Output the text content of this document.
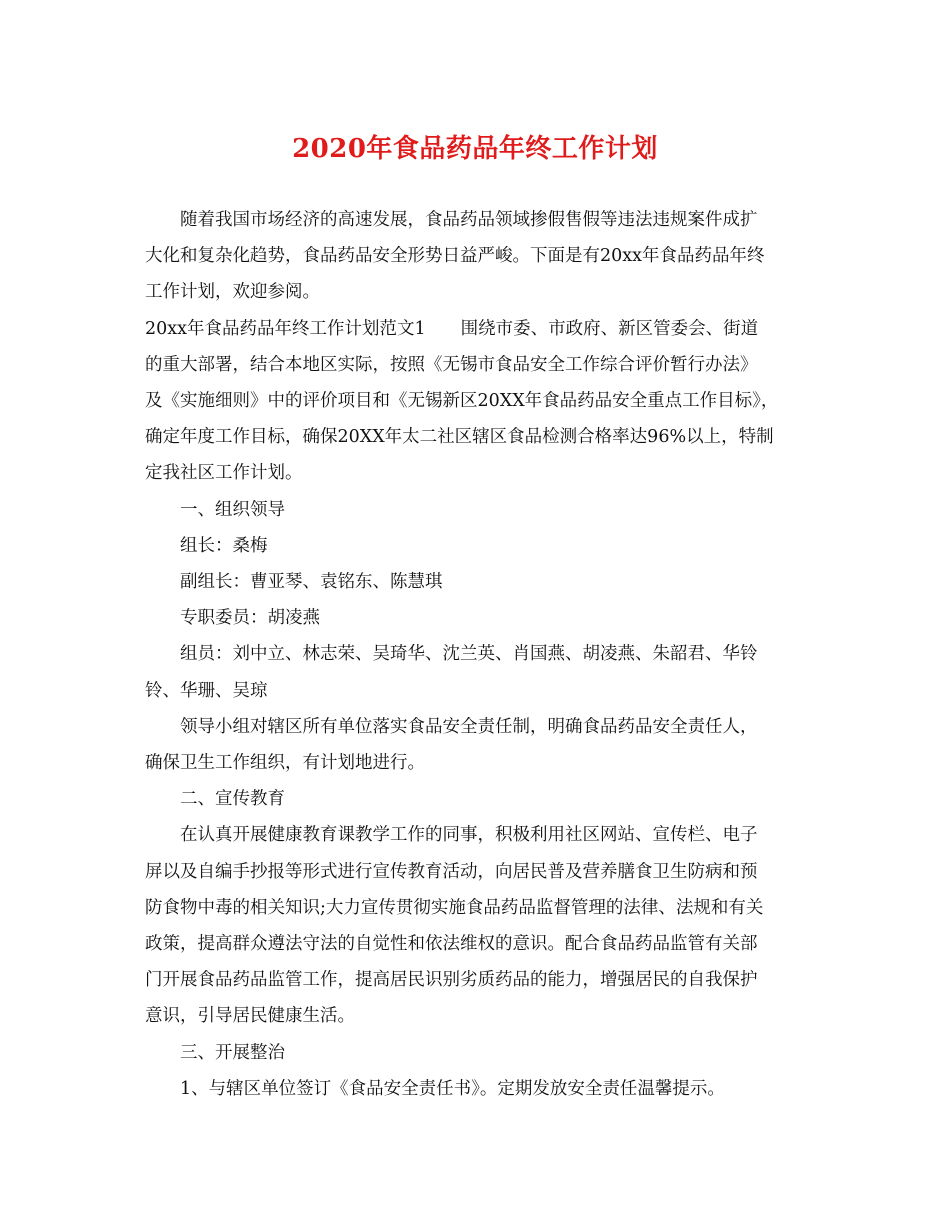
2020年食品药品年终工作计划

随着我国市场经济的高速发展，食品药品领域掺假售假等违法违规案件成扩

大化和复杂化趋势，食品药品安全形势日益严峻。下面是有20xx年食品药品年终

工作计划，欢迎参阅。

20xx年食品药品年终工作计划范文1　　围绕市委、市政府、新区管委会、街道

的重大部署，结合本地区实际，按照《无锡市食品安全工作综合评价暂行办法》

及《实施细则》中的评价项目和《无锡新区20XX年食品药品安全重点工作目标》，

确定年度工作目标，确保20XX年太二社区辖区食品检测合格率达96%以上，特制

定我社区工作计划。

一、组织领导

组长：桑梅

副组长：曹亚琴、袁铭东、陈慧琪

专职委员：胡凌燕

组员：刘中立、林志荣、吴琦华、沈兰英、肖国燕、胡凌燕、朱韶君、华铃

铃、华珊、吴琼

领导小组对辖区所有单位落实食品安全责任制，明确食品药品安全责任人，

确保卫生工作组织，有计划地进行。

二、宣传教育

在认真开展健康教育课教学工作的同事，积极利用社区网站、宣传栏、电子

屏以及自编手抄报等形式进行宣传教育活动，向居民普及营养膳食卫生防病和预

防食物中毒的相关知识;大力宣传贯彻实施食品药品监督管理的法律、法规和有关

政策，提高群众遵法守法的自觉性和依法维权的意识。配合食品药品监管有关部

门开展食品药品监管工作，提高居民识别劣质药品的能力，增强居民的自我保护

意识，引导居民健康生活。

三、开展整治

1、与辖区单位签订《食品安全责任书》。定期发放安全责任温馨提示。
